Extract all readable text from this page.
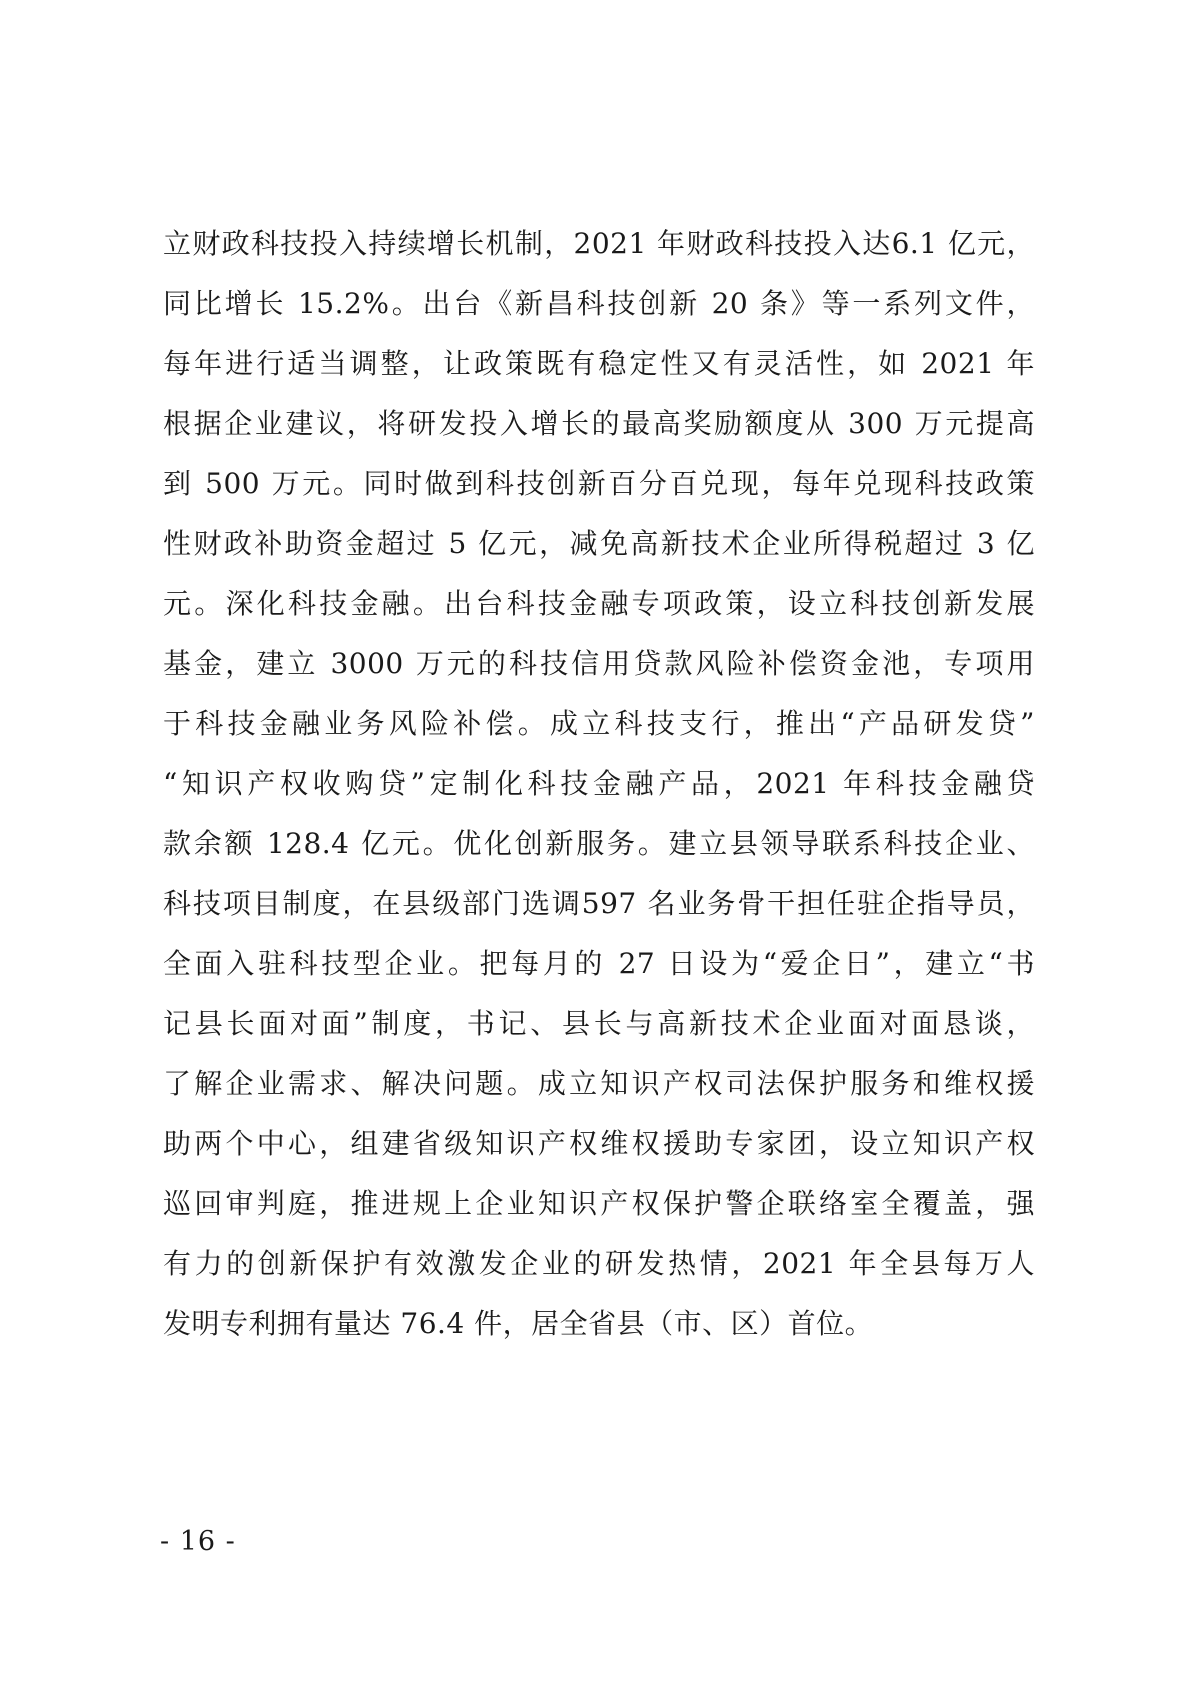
立财政科技投入持续增长机制，2021 年财政科技投入达6.1 亿元，
同比增长 15.2%。出台《新昌科技创新 20 条》等一系列文件，
每年进行适当调整，让政策既有稳定性又有灵活性，如 2021 年
根据企业建议，将研发投入增长的最高奖励额度从 300 万元提高
到 500 万元。同时做到科技创新百分百兑现，每年兑现科技政策
性财政补助资金超过 5 亿元，减免高新技术企业所得税超过 3 亿
元。深化科技金融。出台科技金融专项政策，设立科技创新发展
基金，建立 3000 万元的科技信用贷款风险补偿资金池，专项用
于科技金融业务风险补偿。成立科技支行，推出“产品研发贷”
“知识产权收购贷”定制化科技金融产品，2021 年科技金融贷
款余额 128.4 亿元。优化创新服务。建立县领导联系科技企业、
科技项目制度，在县级部门选调597 名业务骨干担任驻企指导员，
全面入驻科技型企业。把每月的 27 日设为“爱企日”，建立“书
记县长面对面”制度，书记、县长与高新技术企业面对面恳谈，
了解企业需求、解决问题。成立知识产权司法保护服务和维权援
助两个中心，组建省级知识产权维权援助专家团，设立知识产权
巡回审判庭，推进规上企业知识产权保护警企联络室全覆盖，强
有力的创新保护有效激发企业的研发热情，2021 年全县每万人
发明专利拥有量达 76.4 件，居全省县（市、区）首位。
- 16 -
